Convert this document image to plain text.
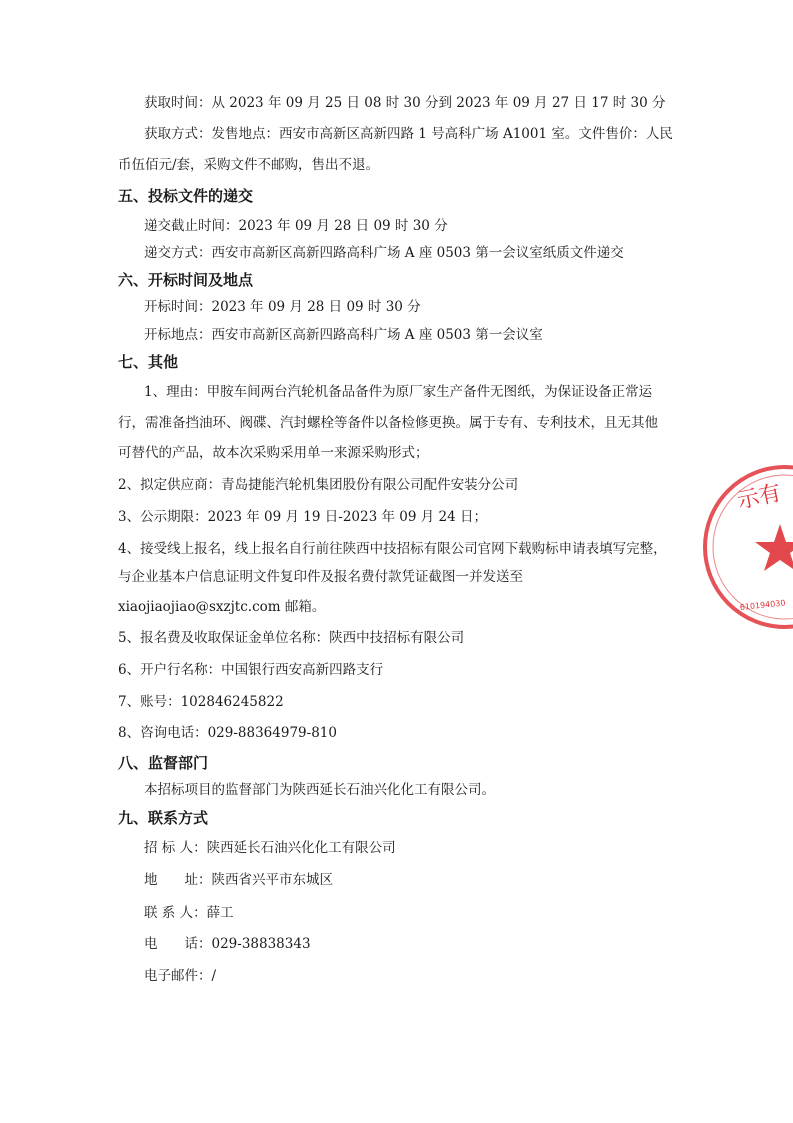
获取时间：从 2023 年 09 月 25 日 08 时 30 分到 2023 年 09 月 27 日 17 时 30 分
获取方式：发售地点：西安市高新区高新四路 1 号高科广场 A1001 室。文件售价：人民
币伍佰元/套，采购文件不邮购，售出不退。
五、投标文件的递交
递交截止时间：2023 年 09 月 28 日 09 时 30 分
递交方式：西安市高新区高新四路高科广场 A 座 0503 第一会议室纸质文件递交
六、开标时间及地点
开标时间：2023 年 09 月 28 日 09 时 30 分
开标地点：西安市高新区高新四路高科广场 A 座 0503 第一会议室
七、其他
1、理由：甲胺车间两台汽轮机备品备件为原厂家生产备件无图纸，为保证设备正常运
行，需准备挡油环、阀碟、汽封螺栓等备件以备检修更换。属于专有、专利技术，且无其他
可替代的产品，故本次采购采用单一来源采购形式；
2、拟定供应商：青岛捷能汽轮机集团股份有限公司配件安装分公司
3、公示期限：2023 年 09 月 19 日-2023 年 09 月 24 日；
4、接受线上报名，线上报名自行前往陕西中技招标有限公司官网下载购标申请表填写完整，
与企业基本户信息证明文件复印件及报名费付款凭证截图一并发送至
xiaojiaojiao@sxzjtc.com 邮箱。
5、报名费及收取保证金单位名称：陕西中技招标有限公司
6、开户行名称：中国银行西安高新四路支行
7、账号：102846245822
8、咨询电话：029-88364979-810
八、监督部门
本招标项目的监督部门为陕西延长石油兴化化工有限公司。
九、联系方式
招 标 人：陕西延长石油兴化化工有限公司
地　　址：陕西省兴平市东城区
联 系 人：薛工
电　　话：029-38838343
电子邮件：/
示有
610194030
